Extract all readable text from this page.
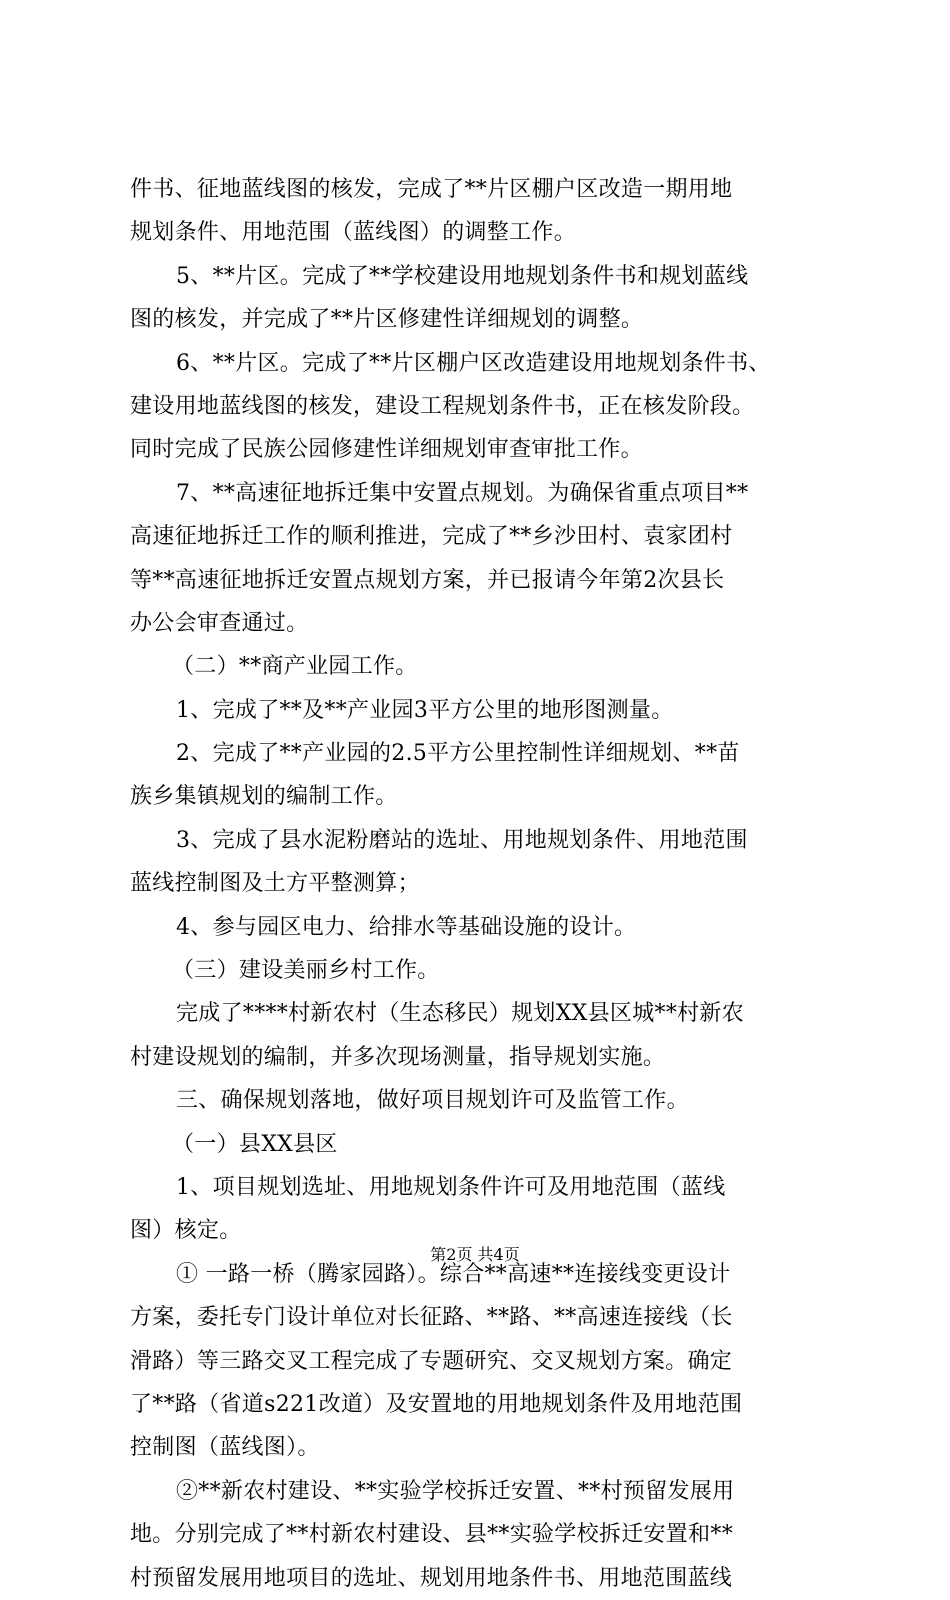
件书、征地蓝线图的核发，完成了**片区棚户区改造一期用地
规划条件、用地范围（蓝线图）的调整工作。
5、**片区。完成了**学校建设用地规划条件书和规划蓝线
图的核发，并完成了**片区修建性详细规划的调整。
6、**片区。完成了**片区棚户区改造建设用地规划条件书、
建设用地蓝线图的核发，建设工程规划条件书，正在核发阶段。
同时完成了民族公园修建性详细规划审查审批工作。
7、**高速征地拆迁集中安置点规划。为确保省重点项目**
高速征地拆迁工作的顺利推进，完成了**乡沙田村、袁家团村
等**高速征地拆迁安置点规划方案，并已报请今年第2次县长
办公会审查通过。
（二）**商产业园工作。
1、完成了**及**产业园3平方公里的地形图测量。
2、完成了**产业园的2.5平方公里控制性详细规划、**苗
族乡集镇规划的编制工作。
3、完成了县水泥粉磨站的选址、用地规划条件、用地范围
蓝线控制图及土方平整测算；
4、参与园区电力、给排水等基础设施的设计。
（三）建设美丽乡村工作。
完成了****村新农村（生态移民）规划XX县区城**村新农
村建设规划的编制，并多次现场测量，指导规划实施。
三、确保规划落地，做好项目规划许可及监管工作。
（一）县XX县区
1、项目规划选址、用地规划条件许可及用地范围（蓝线
图）核定。
① 一路一桥（腾家园路）。综合**高速**连接线变更设计
方案，委托专门设计单位对长征路、**路、**高速连接线（长
滑路）等三路交叉工程完成了专题研究、交叉规划方案。确定
了**路（省道s221改道）及安置地的用地规划条件及用地范围
控制图（蓝线图）。
②**新农村建设、**实验学校拆迁安置、**村预留发展用
地。分别完成了**村新农村建设、县**实验学校拆迁安置和**
村预留发展用地项目的选址、规划用地条件书、用地范围蓝线
第2页 共4页
